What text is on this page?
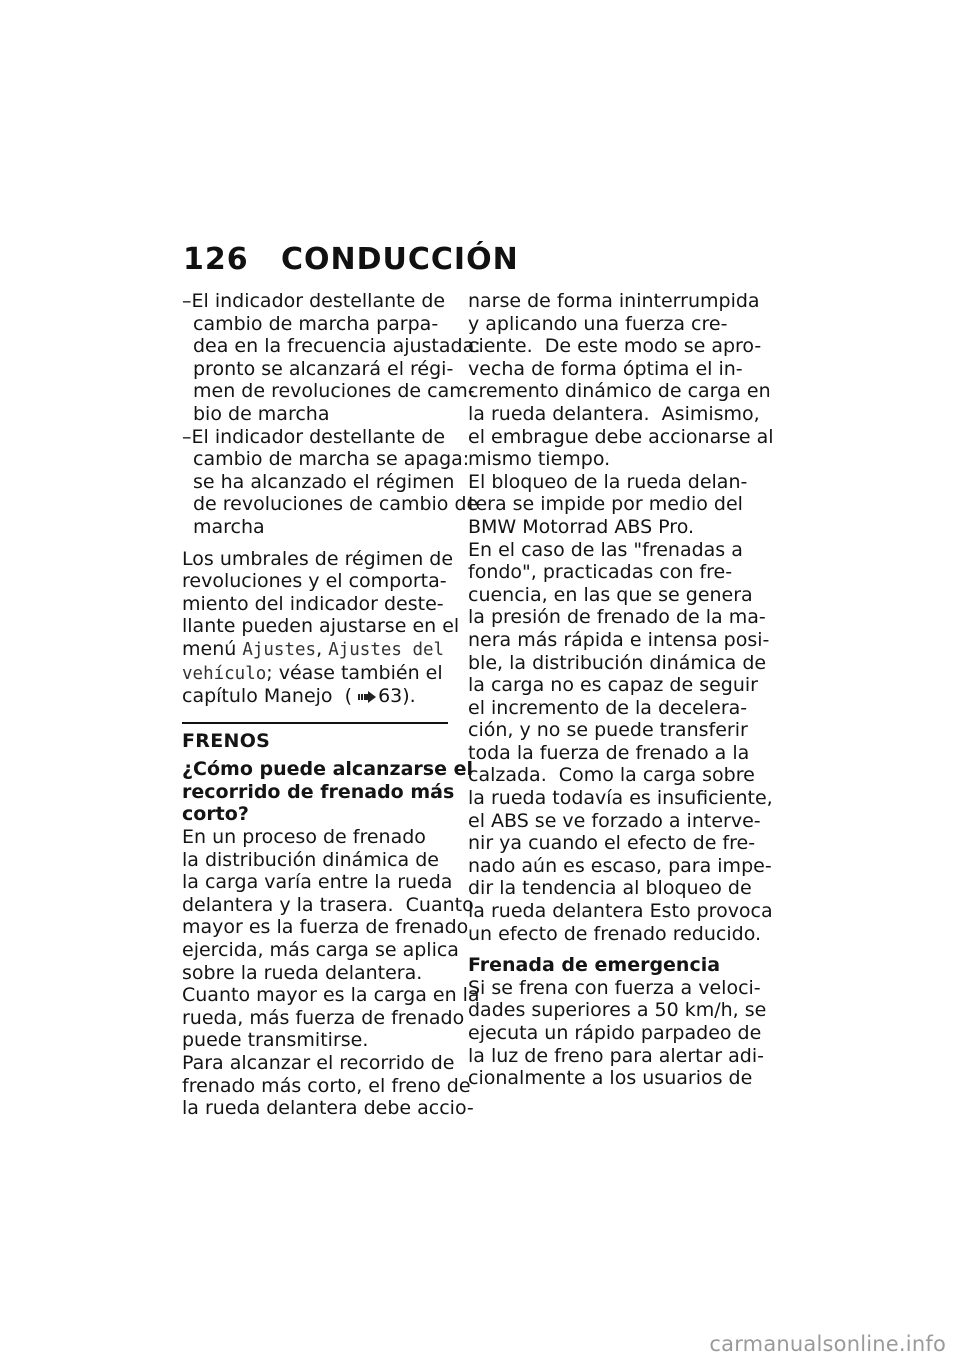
126 CONDUCCIÓN
–El indicador destellante de
cambio de marcha parpa-
dea en la frecuencia ajustada:
pronto se alcanzará el régi-
men de revoluciones de cam-
bio de marcha
–El indicador destellante de
cambio de marcha se apaga:
se ha alcanzado el régimen
de revoluciones de cambio de
marcha
Los umbrales de régimen de
revoluciones y el comporta-
miento del indicador deste-
llante pueden ajustarse en el
menú Ajustes, Ajustes del
vehículo; véase también el
capítulo Manejo ( 63).
FRENOS
¿Cómo puede alcanzarse el
recorrido de frenado más
corto?
En un proceso de frenado
la distribución dinámica de
la carga varía entre la rueda
delantera y la trasera.  Cuanto
mayor es la fuerza de frenado
ejercida, más carga se aplica
sobre la rueda delantera.
Cuanto mayor es la carga en la
rueda, más fuerza de frenado
puede transmitirse.
Para alcanzar el recorrido de
frenado más corto, el freno de
la rueda delantera debe accio-
narse de forma ininterrumpida
y aplicando una fuerza cre-
ciente.  De este modo se apro-
vecha de forma óptima el in-
cremento dinámico de carga en
la rueda delantera.  Asimismo,
el embrague debe accionarse al
mismo tiempo.
El bloqueo de la rueda delan-
tera se impide por medio del
BMW Motorrad ABS Pro.
En el caso de las "frenadas a
fondo", practicadas con fre-
cuencia, en las que se genera
la presión de frenado de la ma-
nera más rápida e intensa posi-
ble, la distribución dinámica de
la carga no es capaz de seguir
el incremento de la decelera-
ción, y no se puede transferir
toda la fuerza de frenado a la
calzada.  Como la carga sobre
la rueda todavía es insuficiente,
el ABS se ve forzado a interve-
nir ya cuando el efecto de fre-
nado aún es escaso, para impe-
dir la tendencia al bloqueo de
la rueda delantera Esto provoca
un efecto de frenado reducido.
Frenada de emergencia
Si se frena con fuerza a veloci-
dades superiores a 50 km/h, se
ejecuta un rápido parpadeo de
la luz de freno para alertar adi-
cionalmente a los usuarios de
carmanualsonline.info
